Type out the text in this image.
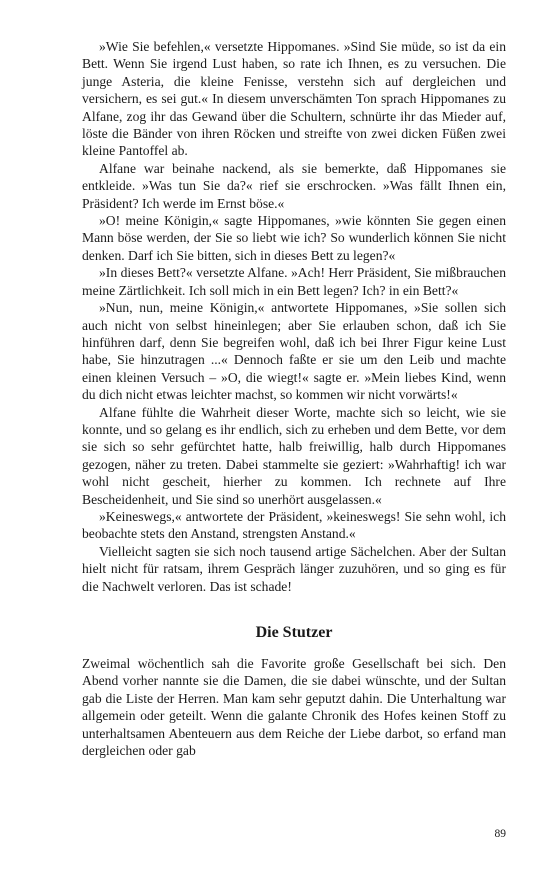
»Wie Sie befehlen,« versetzte Hippomanes. »Sind Sie müde, so ist da ein Bett. Wenn Sie irgend Lust haben, so rate ich Ihnen, es zu versuchen. Die junge Asteria, die kleine Fenisse, verstehn sich auf dergleichen und versichern, es sei gut.« In diesem unverschämten Ton sprach Hippomanes zu Alfane, zog ihr das Gewand über die Schultern, schnürte ihr das Mieder auf, löste die Bänder von ihren Röcken und streifte von zwei dicken Füßen zwei kleine Pantoffel ab.

Alfane war beinahe nackend, als sie bemerkte, daß Hippomanes sie entkleide. »Was tun Sie da?« rief sie erschrocken. »Was fällt Ihnen ein, Präsident? Ich werde im Ernst böse.«

»O! meine Königin,« sagte Hippomanes, »wie könnten Sie gegen einen Mann böse werden, der Sie so liebt wie ich? So wunderlich können Sie nicht denken. Darf ich Sie bitten, sich in dieses Bett zu legen?«

»In dieses Bett?« versetzte Alfane. »Ach! Herr Präsident, Sie mißbrauchen meine Zärtlichkeit. Ich soll mich in ein Bett legen? Ich? in ein Bett?«

»Nun, nun, meine Königin,« antwortete Hippomanes, »Sie sollen sich auch nicht von selbst hineinlegen; aber Sie erlauben schon, daß ich Sie hinführen darf, denn Sie begreifen wohl, daß ich bei Ihrer Figur keine Lust habe, Sie hinzutragen ...« Dennoch faßte er sie um den Leib und machte einen kleinen Versuch – »O, die wiegt!« sagte er. »Mein liebes Kind, wenn du dich nicht etwas leichter machst, so kommen wir nicht vorwärts!«

Alfane fühlte die Wahrheit dieser Worte, machte sich so leicht, wie sie konnte, und so gelang es ihr endlich, sich zu erheben und dem Bette, vor dem sie sich so sehr gefürchtet hatte, halb freiwillig, halb durch Hippomanes gezogen, näher zu treten. Dabei stammelte sie geziert: »Wahrhaftig! ich war wohl nicht gescheit, hierher zu kommen. Ich rechnete auf Ihre Bescheidenheit, und Sie sind so unerhört ausgelassen.«

»Keineswegs,« antwortete der Präsident, »keineswegs! Sie sehn wohl, ich beobachte stets den Anstand, strengsten Anstand.«

Vielleicht sagten sie sich noch tausend artige Sächelchen. Aber der Sultan hielt nicht für ratsam, ihrem Gespräch länger zuzuhören, und so ging es für die Nachwelt verloren. Das ist schade!

Die Stutzer

Zweimal wöchentlich sah die Favorite große Gesellschaft bei sich. Den Abend vorher nannte sie die Damen, die sie dabei wünschte, und der Sultan gab die Liste der Herren. Man kam sehr geputzt dahin. Die Unterhaltung war allgemein oder geteilt. Wenn die galante Chronik des Hofes keinen Stoff zu unterhaltsamen Abenteuern aus dem Reiche der Liebe darbot, so erfand man dergleichen oder gab

89
